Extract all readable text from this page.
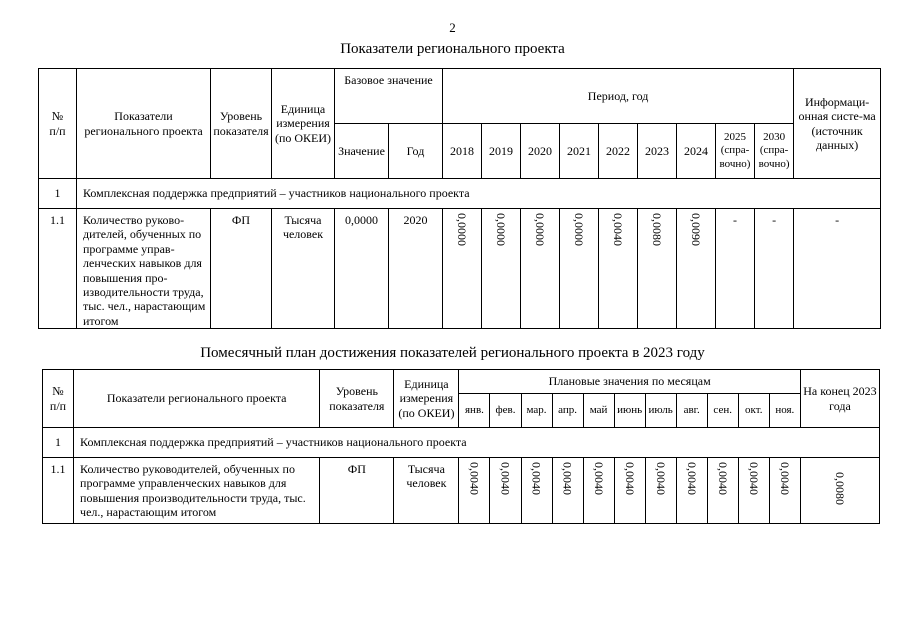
2
Показатели регионального проекта
№
п/п	Показатели регионального проекта	Уровень показателя	Единица измерения (по ОКЕИ)	Базовое значение		Период, год									Информаци-онная систе-ма (источник данных)
				Значение	Год	2018	2019	2020	2021	2022	2023	2024	2025 (спра-вочно)	2030 (спра-вочно)	
1	Комплексная поддержка предприятий – участников национального проекта														
1.1	Количество руково-дителей, обученных по программе управ-ленческих навыков для повышения про-изводительности труда, тыс. чел., нарастающим итогом	ФП	Тысяча человек	0,0000	2020	0,0000	0,0000	0,0000	0,0000	0,0040	0,0080	0,0090	-	-	-
Помесячный план достижения показателей регионального проекта в 2023 году
№
п/п	Показатели регионального проекта	Уровень показателя	Единица измерения (по ОКЕИ)	Плановые значения по месяцам											На конец 2023 года
				янв.	фев.	мар.	апр.	май	июнь	июль	авг.	сен.	окт.	ноя.	
1	Комплексная поддержка предприятий – участников национального проекта														
1.1	Количество руководителей, обученных по программе управленческих навыков для повышения производительности труда, тыс. чел., нарастающим итогом	ФП	Тысяча человек	0,0040	0,0040	0,0040	0,0040	0,0040	0,0040	0,0040	0,0040	0,0040	0,0040	0,0040	0,0080
